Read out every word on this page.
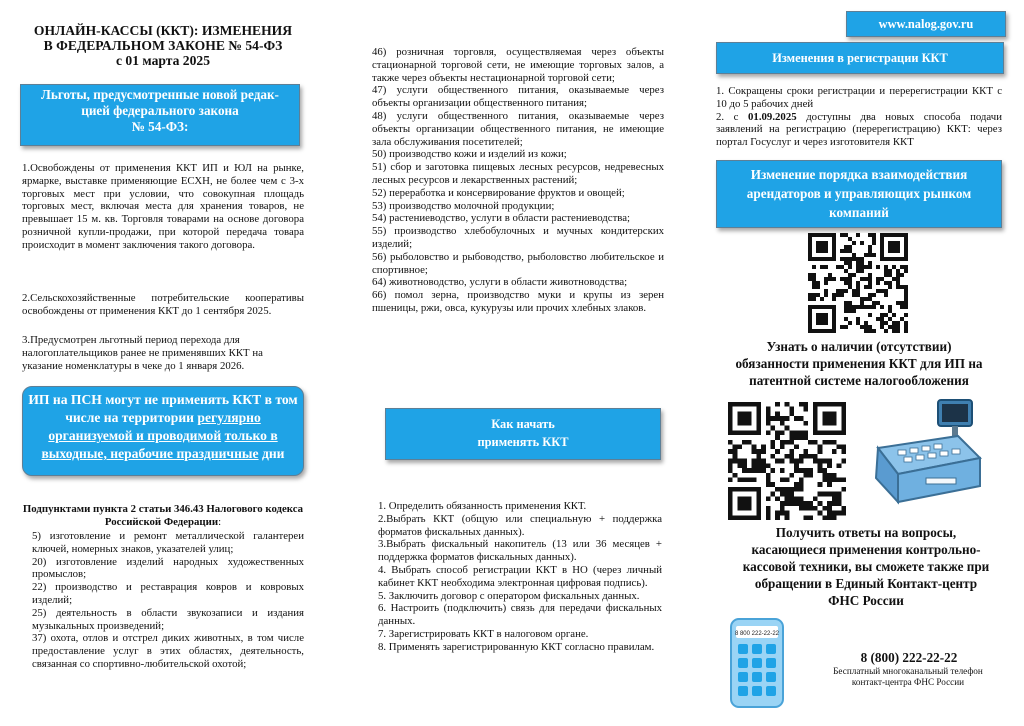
ОНЛАЙН-КАССЫ (ККТ): ИЗМЕНЕНИЯ
В ФЕДЕРАЛЬНОМ ЗАКОНЕ № 54-ФЗ
с 01 марта 2025
Льготы, предусмотренные новой редак-
цией федерального закона
№ 54-ФЗ:
1.Освобождены от применения ККТ ИП и ЮЛ на рынке, ярмарке, выставке применяющие ЕСХН, не более чем с 3-х торговых мест при условии, что совокупная площадь торговых мест, включая места для хранения товаров, не превышает 15 м. кв. Торговля товарами на основе договора розничной купли-продажи, при которой передача товара происходит в момент заключения такого договора.
2.Сельскохозяйственные потребительские кооперативы освобождены от применения ККТ до 1 сентября 2025.
3.Предусмотрен льготный период перехода для налогоплательщиков ранее не применявших ККТ на указание номенклатуры в чеке до 1 января 2026.
ИП на ПСН могут не применять ККТ в том числе на территории регулярно организуемой и проводимой только в выходные, нерабочие праздничные дни
Подпунктами пункта 2 статьи 346.43 Налогового кодекса Российской Федерации:
5) изготовление и ремонт металлической галантереи ключей, номерных знаков, указателей улиц;
20) изготовление изделий народных художественных промыслов;
22) производство и реставрация ковров и ковровых изделий;
25) деятельность в области звукозаписи и издания музыкальных произведений;
37) охота, отлов и отстрел диких животных, в том числе предоставление услуг в этих областях, деятельность, связанная со спортивно-любительской охотой;
46) розничная торговля, осуществляемая через объекты стационарной торговой сети, не имеющие торговых залов, а также через объекты нестационарной торговой сети;
47) услуги общественного питания, оказываемые через объекты организации общественного питания;
48) услуги общественного питания, оказываемые через объекты организации общественного питания, не имеющие зала обслуживания посетителей;
50) производство кожи и изделий из кожи;
51) сбор и заготовка пищевых лесных ресурсов, недревесных лесных ресурсов и лекарственных растений;
52) переработка и консервирование фруктов и овощей;
53) производство молочной продукции;
54) растениеводство, услуги в области растениеводства;
55) производство хлебобулочных и мучных кондитерских изделий;
56) рыболовство и рыбоводство, рыболовство любительское и спортивное;
64) животноводство, услуги в области животноводства;
66) помол зерна, производство муки и крупы из зерен пшеницы, ржи, овса, кукурузы или прочих хлебных злаков.
Как начать
применять ККТ
1. Определить обязанность применения ККТ.
2.Выбрать ККТ (общую или специальную + поддержка форматов фискальных данных).
3.Выбрать фискальный накопитель (13 или 36 месяцев + поддержка форматов фискальных данных).
4. Выбрать способ регистрации ККТ в НО (через личный кабинет ККТ необходима электронная цифровая подпись).
5. Заключить договор с оператором фискальных данных.
6. Настроить (подключить) связь для передачи фискальных данных.
7. Зарегистрировать ККТ в налоговом органе.
8. Применять зарегистрированную ККТ согласно правилам.
www.nalog.gov.ru
Изменения в регистрации ККТ
1. Сокращены сроки регистрации и перерегистрации ККТ с 10 до 5 рабочих дней
2. с 01.09.2025 доступны два новых способа подачи заявлений на регистрацию (перерегистрацию) ККТ: через портал Госуслуг и через изготовителя ККТ
Изменение порядка взаимодействия
арендаторов и управляющих рынком
компаний
Узнать о наличии (отсутствии)
обязанности применения ККТ для ИП на
патентной системе налогообложения
Получить ответы на вопросы,
касающиеся применения контрольно-
кассовой техники, вы сможете также при
обращении в Единый Контакт-центр
ФНС России
8 800 222-22-22
8 (800) 222-22-22
Бесплатный многоканальный телефон
контакт-центра ФНС России
